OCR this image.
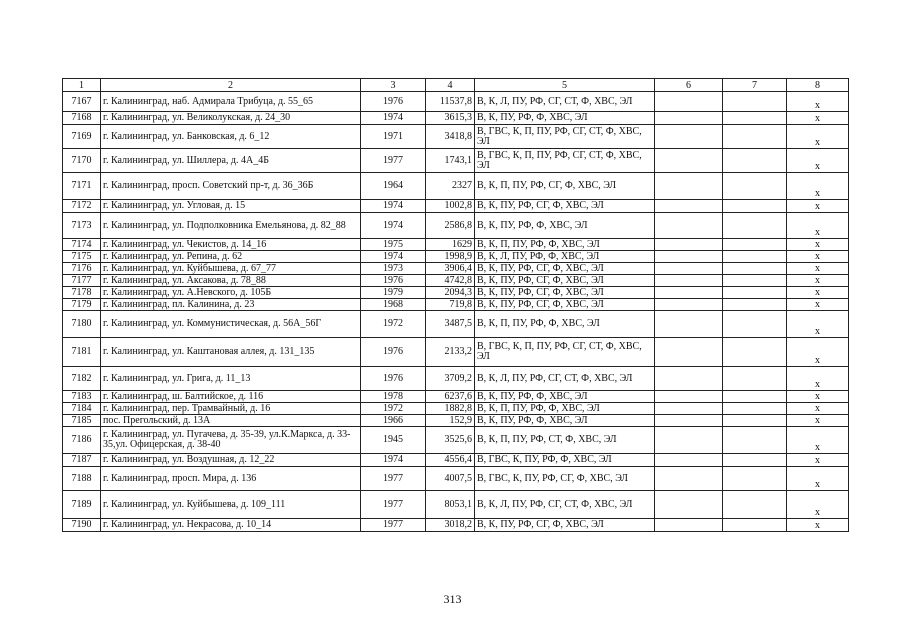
1	2	3	4	5	6	7	8
7167	г. Калининград, наб. Адмирала Трибуца, д. 55_65	1976	11537,8	В, К, Л, ПУ, РФ, СГ, СТ, Ф, ХВС, ЭЛ			х
7168	г. Калининград, ул. Великолукская, д. 24_30	1974	3615,3	В, К, ПУ, РФ, Ф, ХВС, ЭЛ			х
7169	г. Калининград, ул. Банковская, д. 6_12	1971	3418,8	В, ГВС, К, П, ПУ, РФ, СГ, СТ, Ф, ХВС, ЭЛ			х
7170	г. Калининград, ул. Шиллера, д. 4А_4Б	1977	1743,1	В, ГВС, К, П, ПУ, РФ, СГ, СТ, Ф, ХВС, ЭЛ			х
7171	г. Калининград, просп. Советский пр-т, д. 36_36Б	1964	2327	В, К, П, ПУ, РФ, СГ, Ф, ХВС, ЭЛ			х
7172	г. Калининград, ул. Угловая, д. 15	1974	1002,8	В, К, ПУ, РФ, СГ, Ф, ХВС, ЭЛ			х
7173	г. Калининград, ул. Подполковника Емельянова, д. 82_88	1974	2586,8	В, К, ПУ, РФ, Ф, ХВС, ЭЛ			х
7174	г. Калининград, ул. Чекистов, д. 14_16	1975	1629	В, К, П, ПУ, РФ, Ф, ХВС, ЭЛ			х
7175	г. Калининград, ул. Репина, д. 62	1974	1998,9	В, К, Л, ПУ, РФ, Ф, ХВС, ЭЛ			х
7176	г. Калининград, ул. Куйбышева, д. 67_77	1973	3906,4	В, К, ПУ, РФ, СГ, Ф, ХВС, ЭЛ			х
7177	г. Калининград, ул. Аксакова, д. 78_88	1976	4742,8	В, К, ПУ, РФ, СГ, Ф, ХВС, ЭЛ			х
7178	г. Калининград, ул. А.Невского, д. 105Б	1979	2094,3	В, К, ПУ, РФ, СГ, Ф, ХВС, ЭЛ			х
7179	г. Калининград, пл. Калинина, д. 23	1968	719,8	В, К, ПУ, РФ, СГ, Ф, ХВС, ЭЛ			х
7180	г. Калининград, ул. Коммунистическая, д. 56А_56Г	1972	3487,5	В, К, П, ПУ, РФ, Ф, ХВС, ЭЛ			х
7181	г. Калининград, ул. Каштановая аллея, д. 131_135	1976	2133,2	В, ГВС, К, П, ПУ, РФ, СГ, СТ, Ф, ХВС, ЭЛ			х
7182	г. Калининград, ул. Грига, д. 11_13	1976	3709,2	В, К, Л, ПУ, РФ, СГ, СТ, Ф, ХВС, ЭЛ			х
7183	г. Калининград, ш. Балтийское, д. 116	1978	6237,6	В, К, ПУ, РФ, Ф, ХВС, ЭЛ			х
7184	г. Калининград, пер. Трамвайный, д. 16	1972	1882,8	В, К, П, ПУ, РФ, Ф, ХВС, ЭЛ			х
7185	пос. Прегольский, д. 13А	1966	152,9	В, К, ПУ, РФ, Ф, ХВС, ЭЛ			х
7186	г. Калининград, ул. Пугачева, д. 35-39, ул.К.Маркса, д. 33-35,ул. Офицерская, д. 38-40	1945	3525,6	В, К, П, ПУ, РФ, СТ, Ф, ХВС, ЭЛ			х
7187	г. Калининград, ул. Воздушная, д. 12_22	1974	4556,4	В, ГВС, К, ПУ, РФ, Ф, ХВС, ЭЛ			х
7188	г. Калининград, просп. Мира, д. 136	1977	4007,5	В, ГВС, К, ПУ, РФ, СГ, Ф, ХВС, ЭЛ			х
7189	г. Калининград, ул. Куйбышева, д. 109_111	1977	8053,1	В, К, Л, ПУ, РФ, СГ, СТ, Ф, ХВС, ЭЛ			х
7190	г. Калининград, ул. Некрасова, д. 10_14	1977	3018,2	В, К, ПУ, РФ, СГ, Ф, ХВС, ЭЛ			х
313
